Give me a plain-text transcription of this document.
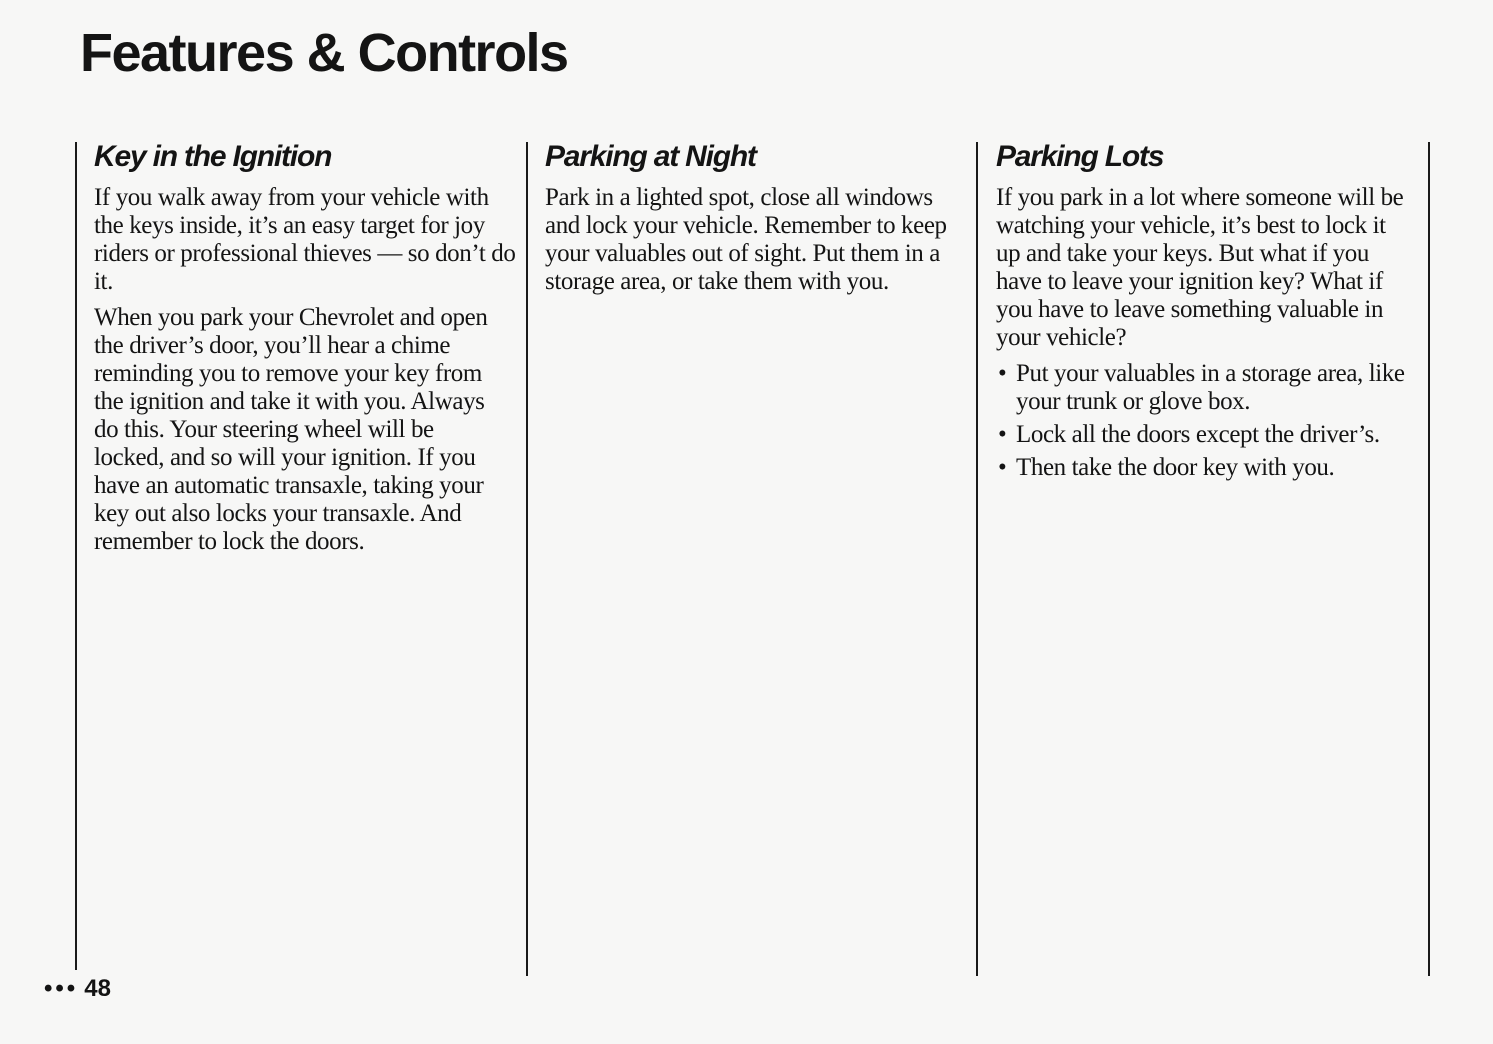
Features & Controls
Key in the Ignition

If you walk away from your vehicle with the keys inside, it’s an easy target for joy riders or professional thieves — so don’t do it.

When you park your Chevrolet and open the driver’s door, you’ll hear a chime reminding you to remove your key from the ignition and take it with you. Always do this. Your steering wheel will be locked, and so will your ignition. If you have an automatic transaxle, taking your key out also locks your transaxle. And remember to lock the doors.

Parking at Night

Park in a lighted spot, close all windows and lock your vehicle. Remember to keep your valuables out of sight. Put them in a storage area, or take them with you.

Parking Lots

If you park in a lot where someone will be watching your vehicle, it’s best to lock it up and take your keys. But what if you have to leave your ignition key? What if you have to leave something valuable in your vehicle?

• Put your valuables in a storage area, like your trunk or glove box.
• Lock all the doors except the driver’s.
• Then take the door key with you.
••• 48
